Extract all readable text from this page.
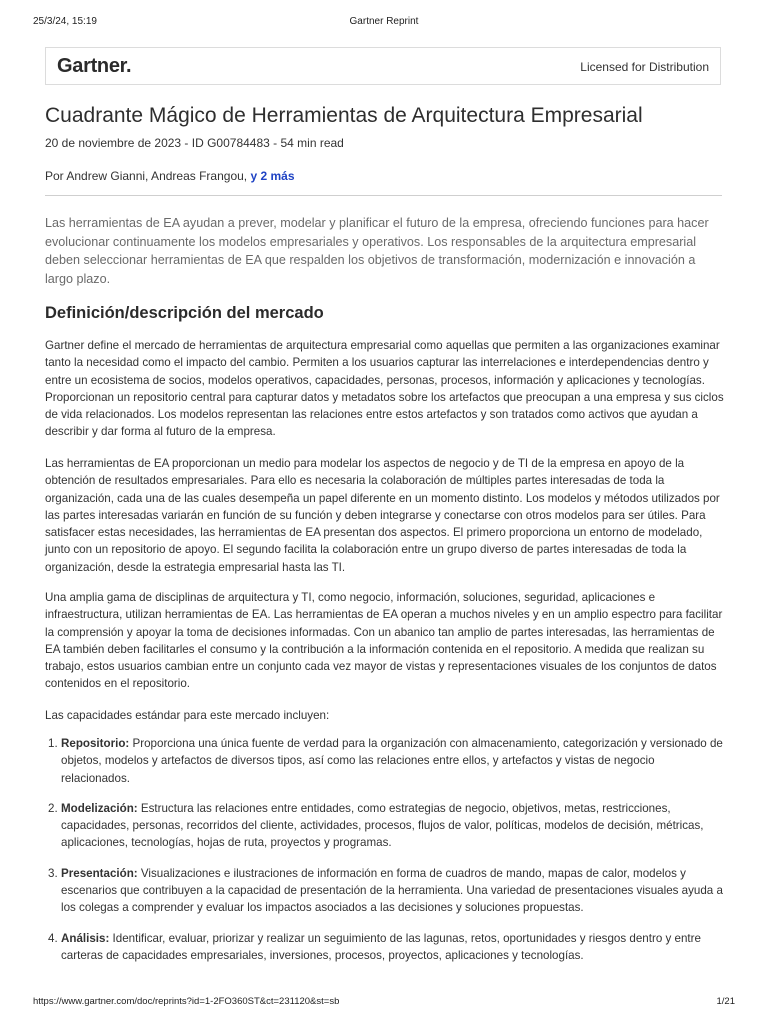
25/3/24, 15:19	Gartner Reprint
Gartner.	Licensed for Distribution
Cuadrante Mágico de Herramientas de Arquitectura Empresarial
20 de noviembre de 2023 - ID G00784483 - 54 min read
Por Andrew Gianni, Andreas Frangou, y 2 más

Las herramientas de EA ayudan a prever, modelar y planificar el futuro de la empresa, ofreciendo funciones para hacer evolucionar continuamente los modelos empresariales y operativos. Los responsables de la arquitectura empresarial deben seleccionar herramientas de EA que respalden los objetivos de transformación, modernización e innovación a largo plazo.

Definición/descripción del mercado

Gartner define el mercado de herramientas de arquitectura empresarial como aquellas que permiten a las organizaciones examinar tanto la necesidad como el impacto del cambio. Permiten a los usuarios capturar las interrelaciones e interdependencias dentro y entre un ecosistema de socios, modelos operativos, capacidades, personas, procesos, información y aplicaciones y tecnologías. Proporcionan un repositorio central para capturar datos y metadatos sobre los artefactos que preocupan a una empresa y sus ciclos de vida relacionados. Los modelos representan las relaciones entre estos artefactos y son tratados como activos que ayudan a describir y dar forma al futuro de la empresa.

Las herramientas de EA proporcionan un medio para modelar los aspectos de negocio y de TI de la empresa en apoyo de la obtención de resultados empresariales. Para ello es necesaria la colaboración de múltiples partes interesadas de toda la organización, cada una de las cuales desempeña un papel diferente en un momento distinto. Los modelos y métodos utilizados por las partes interesadas variarán en función de su función y deben integrarse y conectarse con otros modelos para ser útiles. Para satisfacer estas necesidades, las herramientas de EA presentan dos aspectos. El primero proporciona un entorno de modelado, junto con un repositorio de apoyo. El segundo facilita la colaboración entre un grupo diverso de partes interesadas de toda la organización, desde la estrategia empresarial hasta las TI.

Una amplia gama de disciplinas de arquitectura y TI, como negocio, información, soluciones, seguridad, aplicaciones e infraestructura, utilizan herramientas de EA. Las herramientas de EA operan a muchos niveles y en un amplio espectro para facilitar la comprensión y apoyar la toma de decisiones informadas. Con un abanico tan amplio de partes interesadas, las herramientas de EA también deben facilitarles el consumo y la contribución a la información contenida en el repositorio. A medida que realizan su trabajo, estos usuarios cambian entre un conjunto cada vez mayor de vistas y representaciones visuales de los conjuntos de datos contenidos en el repositorio.

Las capacidades estándar para este mercado incluyen:

1. Repositorio: Proporciona una única fuente de verdad para la organización con almacenamiento, categorización y versionado de objetos, modelos y artefactos de diversos tipos, así como las relaciones entre ellos, y artefactos y vistas de negocio relacionados.
2. Modelización: Estructura las relaciones entre entidades, como estrategias de negocio, objetivos, metas, restricciones, capacidades, personas, recorridos del cliente, actividades, procesos, flujos de valor, políticas, modelos de decisión, métricas, aplicaciones, tecnologías, hojas de ruta, proyectos y programas.
3. Presentación: Visualizaciones e ilustraciones de información en forma de cuadros de mando, mapas de calor, modelos y escenarios que contribuyen a la capacidad de presentación de la herramienta. Una variedad de presentaciones visuales ayuda a los colegas a comprender y evaluar los impactos asociados a las decisiones y soluciones propuestas.
4. Análisis: Identificar, evaluar, priorizar y realizar un seguimiento de las lagunas, retos, oportunidades y riesgos dentro y entre carteras de capacidades empresariales, inversiones, procesos, proyectos, aplicaciones y tecnologías.
https://www.gartner.com/doc/reprints?id=1-2FO360ST&ct=231120&st=sb	1/21
